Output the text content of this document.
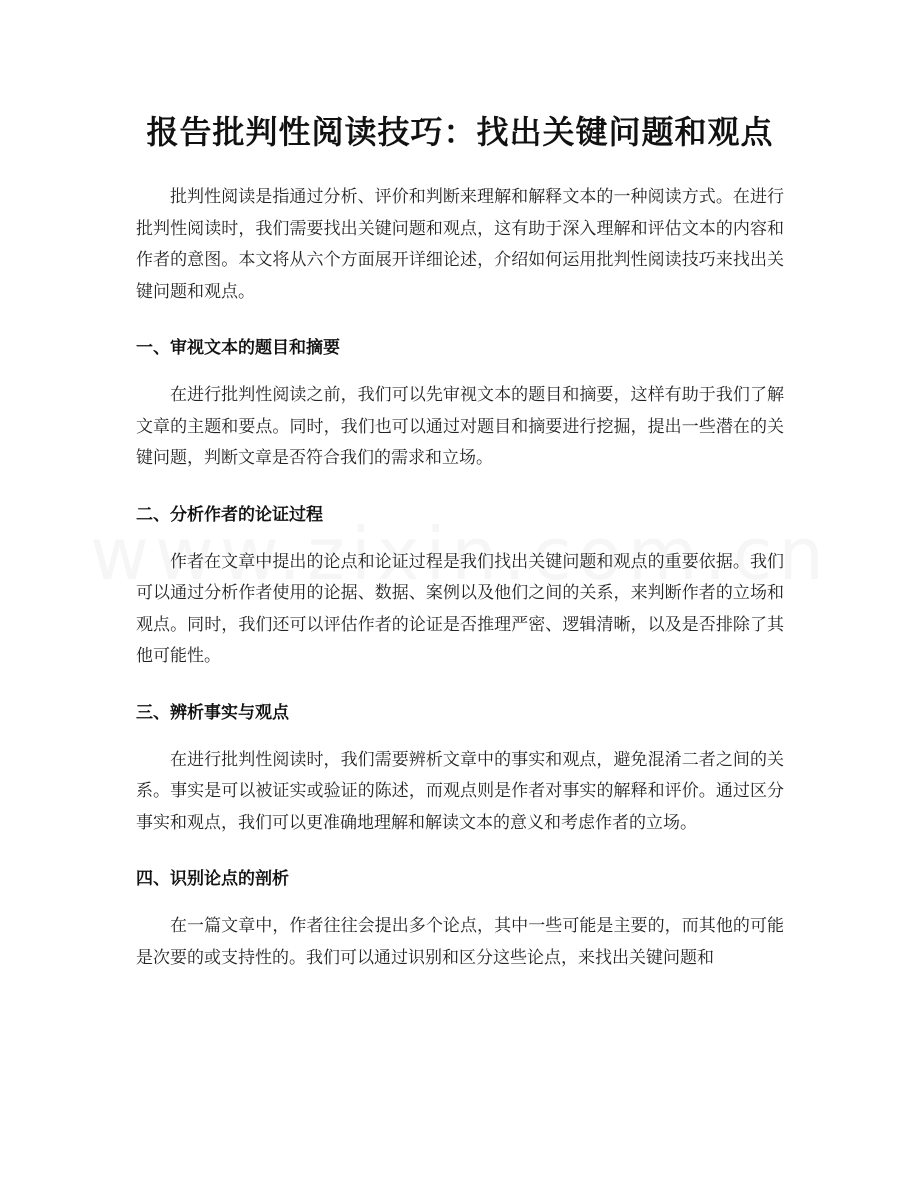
报告批判性阅读技巧：找出关键问题和观点

批判性阅读是指通过分析、评价和判断来理解和解释文本的一种阅读方式。在进行批判性阅读时，我们需要找出关键问题和观点，这有助于深入理解和评估文本的内容和作者的意图。本文将从六个方面展开详细论述，介绍如何运用批判性阅读技巧来找出关键问题和观点。

一、审视文本的题目和摘要

在进行批判性阅读之前，我们可以先审视文本的题目和摘要，这样有助于我们了解文章的主题和要点。同时，我们也可以通过对题目和摘要进行挖掘，提出一些潜在的关键问题，判断文章是否符合我们的需求和立场。

二、分析作者的论证过程

作者在文章中提出的论点和论证过程是我们找出关键问题和观点的重要依据。我们可以通过分析作者使用的论据、数据、案例以及他们之间的关系，来判断作者的立场和观点。同时，我们还可以评估作者的论证是否推理严密、逻辑清晰，以及是否排除了其他可能性。

三、辨析事实与观点

在进行批判性阅读时，我们需要辨析文章中的事实和观点，避免混淆二者之间的关系。事实是可以被证实或验证的陈述，而观点则是作者对事实的解释和评价。通过区分事实和观点，我们可以更准确地理解和解读文本的意义和考虑作者的立场。

四、识别论点的剖析

在一篇文章中，作者往往会提出多个论点，其中一些可能是主要的，而其他的可能是次要的或支持性的。我们可以通过识别和区分这些论点，来找出关键问题和
